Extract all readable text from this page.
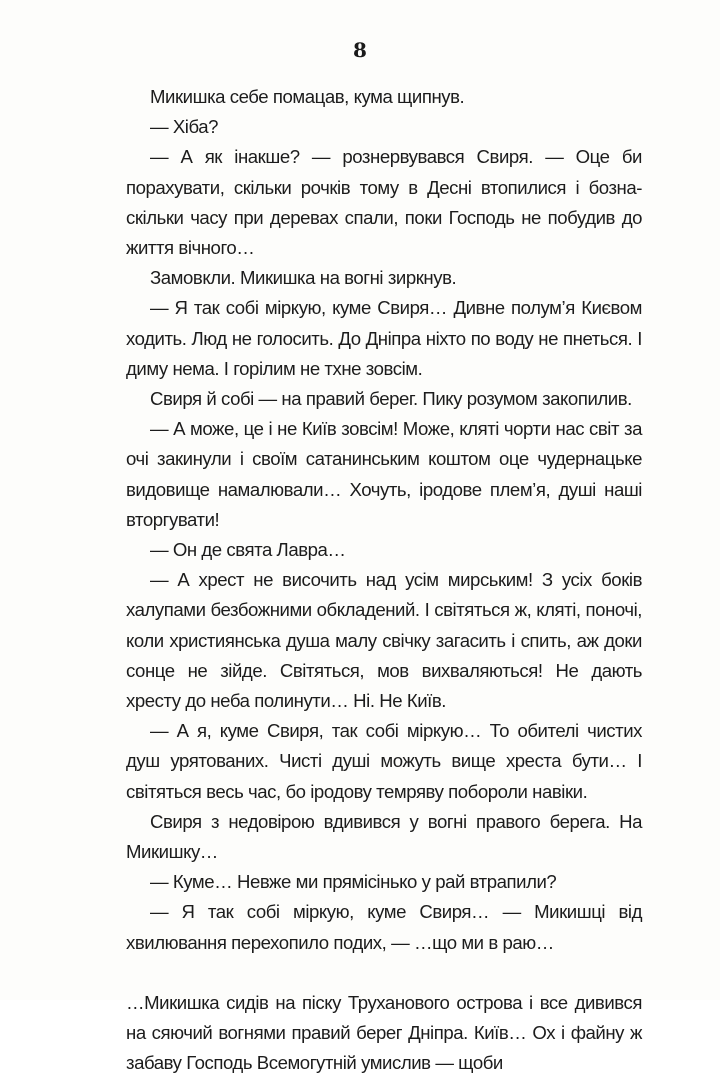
8

Микишка себе помацав, кума щипнув.

— Хіба?

— А як інакше? — рознервувався Свиря. — Оце би порахувати, скільки рочків тому в Десні втопилися і бозна-скільки часу при деревах спали, поки Господь не побудив до життя вічного…

Замовкли. Микишка на вогні зиркнув.

— Я так собі міркую, куме Свиря… Дивне полум’я Києвом ходить. Люд не голосить. До Дніпра ніхто по воду не пнеться. І диму нема. І горілим не тхне зовсім.

Свиря й собі — на правий берег. Пику розумом закопилив.

— А може, це і не Київ зовсім! Може, кляті чорти нас світ за очі закинули і своїм сатанинським коштом оце чудернацьке видовище намалювали… Хочуть, іродове плем’я, душі наші вторгувати!

— Он де свята Лавра…

— А хрест не височить над усім мирським! З усіх боків халупами безбожними обкладений. І світяться ж, кляті, поночі, коли християнська душа малу свічку загасить і спить, аж доки сонце не зійде. Світяться, мов вихваляються! Не дають хресту до неба полинути… Ні. Не Київ.

— А я, куме Свиря, так собі міркую… То обителі чистих душ урятованих. Чисті душі можуть вище хреста бути… І світяться весь час, бо іродову темряву побороли навіки.

Свиря з недовірою вдивився у вогні правого берега. На Микишку…

— Куме… Невже ми прямісінько у рай втрапили?

— Я так собі міркую, куме Свиря… — Микишці від хвилювання перехопило подих, — …що ми в раю…

…Микишка сидів на піску Труханового острова і все дивився на сяючий вогнями правий берег Дніпра. Київ… Ох і файну ж забаву Господь Всемогутній умислив — щоби
